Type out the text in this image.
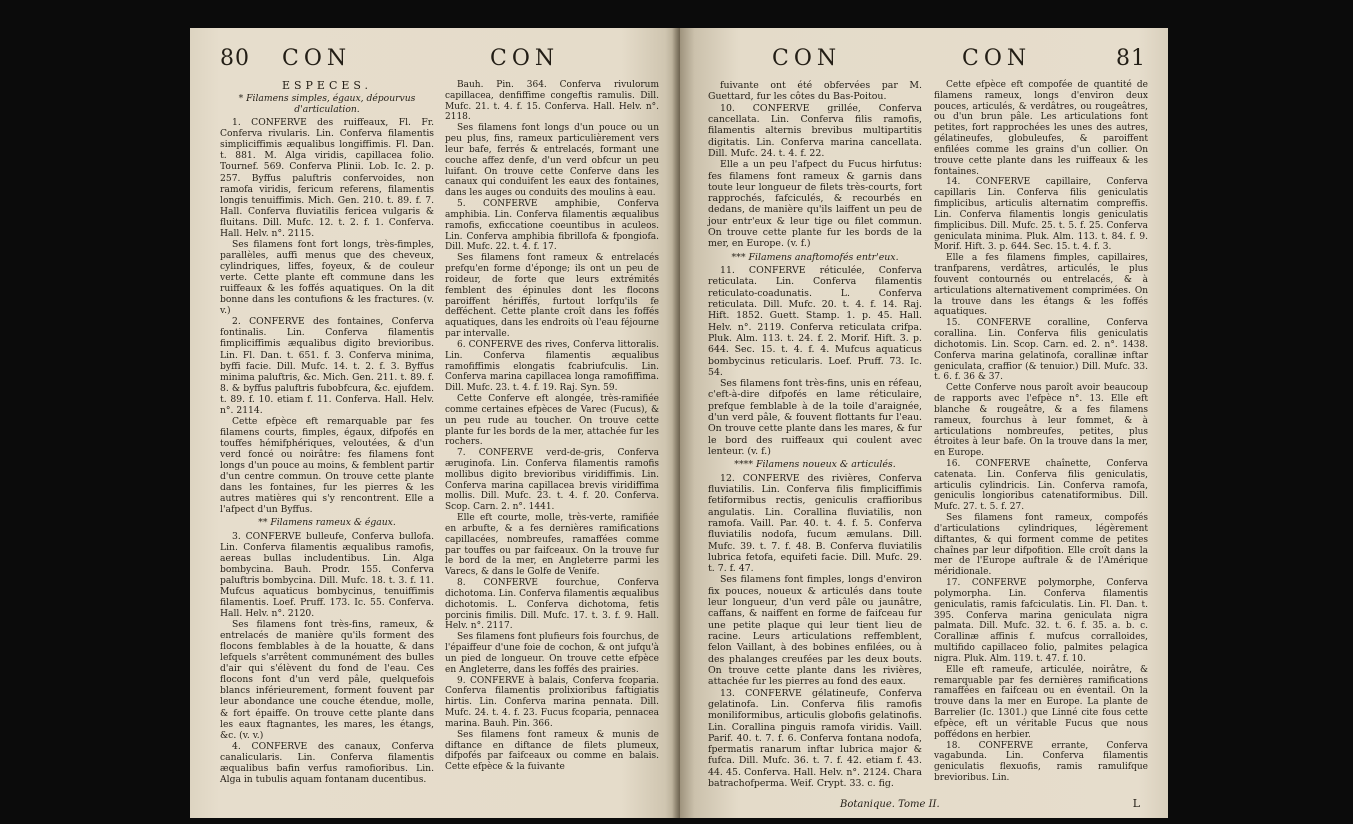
80 CON	CON
ESPECES.

* Filamens simples, égaux, dépourvus d'articulation.

1. CONFERVE des ruiffeaux, Fl. Fr. Conferva rivularis. Lin. Conferva filamentis simpliciffimis æqualibus longiffimis. Fl. Dan. t. 881. M. Alga viridis, capillacea folio. Tournef. 569. Conferva Plinii. Lob. Ic. 2. p. 257. Byffus paluftris confervoides, non ramofa viridis, fericum referens, filamentis longis tenuiffimis. Mich. Gen. 210. t. 89. f. 7. Hall. Conferva fluviatilis fericea vulgaris & fluitans. Dill. Mufc. 12. t. 2. f. 1. Conferva. Hall. Helv. n°. 2115.

Ses filamens font fort longs, très-fimples, parallèles, auffi menus que des cheveux, cylindriques, liffes, foyeux, & de couleur verte. Cette plante eft commune dans les ruiffeaux & les foffés aquatiques. On la dit bonne dans les contufions & les fractures. (v. v.)

2. CONFERVE des fontaines, Conferva fontinalis. Lin. Conferva filamentis fimpliciffimis æqualibus digito brevioribus. Lin. Fl. Dan. t. 651. f. 3. Conferva minima, byffi facie. Dill. Mufc. 14. t. 2. f. 3. Byffus minima paluftris, &c. Mich. Gen. 211. t. 89. f. 8. & byffus paluftris fubobfcura, &c. ejufdem. t. 89. f. 10. etiam f. 11. Conferva. Hall. Helv. n°. 2114.

Cette efpèce eft remarquable par fes filamens courts, fimples, égaux, difpofés en touffes hémifphériques, veloutées, & d'un verd foncé ou noirâtre: fes filamens font longs d'un pouce au moins, & femblent partir d'un centre commun. On trouve cette plante dans les fontaines, fur les pierres & les autres matières qui s'y rencontrent. Elle a l'afpect d'un Byffus.

** Filamens rameux & égaux.

3. CONFERVE bulleufe, Conferva bullofa. Lin. Conferva filamentis æqualibus ramofis, aereas bullas includentibus. Lin. Alga bombycina. Bauh. Prodr. 155. Conferva paluftris bombycina. Dill. Mufc. 18. t. 3. f. 11. Mufcus aquaticus bombycinus, tenuiffimis filamentis. Loef. Pruff. 173. Ic. 55. Conferva. Hall. Helv. n°. 2120.

Ses filamens font très-fins, rameux, & entrelacés de manière qu'ils forment des flocons femblables à de la houatte, & dans lefquels s'arrêtent communément des bulles d'air qui s'élèvent du fond de l'eau. Ces flocons font d'un verd pâle, quelquefois blancs inférieurement, forment fouvent par leur abondance une couche étendue, molle, & fort épaiffe. On trouve cette plante dans les eaux ftagnantes, les mares, les étangs, &c. (v. v.)

4. CONFERVE des canaux, Conferva canalicularis. Lin. Conferva filamentis æqualibus bafin verfus ramofioribus. Lin. Alga in tubulis aquam fontanam ducentibus.

Bauh. Pin. 364. Conferva rivulorum capillacea, denfiffime congeftis ramulis. Dill. Mufc. 21. t. 4. f. 15. Conferva. Hall. Helv. n°. 2118.

Ses filamens font longs d'un pouce ou un peu plus, fins, rameux particulièrement vers leur bafe, ferrés & entrelacés, formant une couche affez denfe, d'un verd obfcur un peu luifant. On trouve cette Conferve dans les canaux qui conduifent les eaux des fontaines, dans les auges ou conduits des moulins à eau.

5. CONFERVE amphibie, Conferva amphibia. Lin. Conferva filamentis æqualibus ramofis, exficcatione coeuntibus in aculeos. Lin. Conferva amphibia fibrillofa & fpongiofa. Dill. Mufc. 22. t. 4. f. 17.

Ses filamens font rameux & entrelacés prefqu'en forme d'éponge; ils ont un peu de roideur, de forte que leurs extrémités femblent des épinules dont les flocons paroiffent hériffés, furtout lorfqu'ils fe defféchent. Cette plante croît dans les foffés aquatiques, dans les endroits où l'eau féjourne par intervalle.

6. CONFERVE des rives, Conferva littoralis. Lin. Conferva filamentis æqualibus ramofiffimis elongatis fcabriufculis. Lin. Conferva marina capillacea longa ramofiffima. Dill. Mufc. 23. t. 4. f. 19. Raj. Syn. 59.

Cette Conferve eft alongée, très-ramifiée comme certaines efpèces de Varec (Fucus), & un peu rude au toucher. On trouve cette plante fur les bords de la mer, attachée fur les rochers.

7. CONFERVE verd-de-gris, Conferva æruginofa. Lin. Conferva filamentis ramofis mollibus digito brevioribus viridiffimis. Lin. Conferva marina capillacea brevis viridiffima mollis. Dill. Mufc. 23. t. 4. f. 20. Conferva. Scop. Carn. 2. n°. 1441.

Elle eft courte, molle, très-verte, ramifiée en arbufte, & a fes dernières ramifications capillacées, nombreufes, ramaffées comme par touffes ou par faifceaux. On la trouve fur le bord de la mer, en Angleterre parmi les Varecs, & dans le Golfe de Venife.

8. CONFERVE fourchue, Conferva dichotoma. Lin. Conferva filamentis æqualibus dichotomis. L. Conferva dichotoma, fetis porcinis fimilis. Dill. Mufc. 17. t. 3. f. 9. Hall. Helv. n°. 2117.

Ses filamens font plufieurs fois fourchus, de l'épaiffeur d'une foie de cochon, & ont jufqu'à un pied de longueur. On trouve cette efpèce en Angleterre, dans les foffés des prairies.

9. CONFERVE à balais, Conferva fcoparia. Conferva filamentis prolixioribus faftigiatis hirtis. Lin. Conferva marina pennata. Dill. Mufc. 24. t. 4. f. 23. Fucus fcoparia, pennacea marina. Bauh. Pin. 366.

Ses filamens font rameux & munis de diftance en diftance de filets plumeux, difpofés par faifceaux ou comme en balais. Cette efpèce & la fuivante

CON	CON	81

fuivante ont été obfervées par M. Guettard, fur les côtes du Bas-Poitou.

10. CONFERVE grillée, Conferva cancellata. Lin. Conferva filis ramofis, filamentis alternis brevibus multipartitis digitatis. Lin. Conferva marina cancellata. Dill. Mufc. 24. t. 4. f. 22.

Elle a un peu l'afpect du Fucus hirfutus: fes filamens font rameux & garnis dans toute leur longueur de filets très-courts, fort rapprochés, fafciculés, & recourbés en dedans, de manière qu'ils laiffent un peu de jour entr'eux & leur tige ou filet commun. On trouve cette plante fur les bords de la mer, en Europe. (v. f.)

*** Filamens anaftomofés entr'eux.

11. CONFERVE réticulée, Conferva reticulata. Lin. Conferva filamentis reticulato-coadunatis. L. Conferva reticulata. Dill. Mufc. 20. t. 4. f. 14. Raj. Hift. 1852. Guett. Stamp. 1. p. 45. Hall. Helv. n°. 2119. Conferva reticulata crifpa. Pluk. Alm. 113. t. 24. f. 2. Morif. Hift. 3. p. 644. Sec. 15. t. 4. f. 4. Mufcus aquaticus bombycinus reticularis. Loef. Pruff. 73. Ic. 54.

Ses filamens font très-fins, unis en réfeau, c'eft-à-dire difpofés en lame réticulaire, prefque femblable à de la toile d'araignée, d'un verd pâle, & fouvent flottants fur l'eau. On trouve cette plante dans les mares, & fur le bord des ruiffeaux qui coulent avec lenteur. (v. f.)

**** Filamens noueux & articulés.

12. CONFERVE des rivières, Conferva fluviatilis. Lin. Conferva filis fimpliciffimis fetiformibus rectis, geniculis craffioribus angulatis. Lin. Corallina fluviatilis, non ramofa. Vaill. Par. 40. t. 4. f. 5. Conferva fluviatilis nodofa, fucum æmulans. Dill. Mufc. 39. t. 7. f. 48. B. Conferva fluviatilis lubrica fetofa, equifeti facie. Dill. Mufc. 29. t. 7. f. 47.

Ses filamens font fimples, longs d'environ fix pouces, noueux & articulés dans toute leur longueur, d'un verd pâle ou jaunâtre, caffans, & naiffent en forme de faifceau fur une petite plaque qui leur tient lieu de racine. Leurs articulations reffemblent, felon Vaillant, à des bobines enfilées, ou à des phalanges creufées par les deux bouts. On trouve cette plante dans les rivières, attachée fur les pierres au fond des eaux.

13. CONFERVE gélatineufe, Conferva gelatinofa. Lin. Conferva filis ramofis moniliformibus, articulis globofis gelatinofis. Lin. Corallina pinguis ramofa viridis. Vaill. Parif. 40. t. 7. f. 6. Conferva fontana nodofa, fpermatis ranarum inftar lubrica major & fufca. Dill. Mufc. 36. t. 7. f. 42. etiam f. 43. 44. 45. Conferva. Hall. Helv. n°. 2124. Chara batrachofperma. Weif. Crypt. 33. c. fig.

Cette efpèce eft compofée de quantité de filamens rameux, longs d'environ deux pouces, articulés, & verdâtres, ou rougeâtres, ou d'un brun pâle. Les articulations font petites, fort rapprochées les unes des autres, gélatineufes, globuleufes, & paroiffent enfilées comme les grains d'un collier. On trouve cette plante dans les ruiffeaux & les fontaines.

14. CONFERVE capillaire, Conferva capillaris Lin. Conferva filis geniculatis fimplicibus, articulis alternatim compreffis. Lin. Conferva filamentis longis geniculatis fimplicibus. Dill. Mufc. 25. t. 5. f. 25. Conferva geniculata minima. Pluk. Alm. 113. t. 84. f. 9. Morif. Hift. 3. p. 644. Sec. 15. t. 4. f. 3.

Elle a fes filamens fimples, capillaires, tranfparens, verdâtres, articulés, le plus fouvent contournés ou entrelacés, & à articulations alternativement comprimées. On la trouve dans les étangs & les foffés aquatiques.

15. CONFERVE coralline, Conferva corallina. Lin. Conferva filis geniculatis dichotomis. Lin. Scop. Carn. ed. 2. n°. 1438. Conferva marina gelatinofa, corallinæ inftar geniculata, craffior (& tenuior.) Dill. Mufc. 33. t. 6. f. 36 & 37.

Cette Conferve nous paroît avoir beaucoup de rapports avec l'efpèce n°. 13. Elle eft blanche & rougeâtre, & a fes filamens rameux, fourchus à leur fommet, & à articulations nombreufes, petites, plus étroites à leur bafe. On la trouve dans la mer, en Europe.

16. CONFERVE chaînette, Conferva catenata. Lin. Conferva filis geniculatis, articulis cylindricis. Lin. Conferva ramofa, geniculis longioribus catenatiformibus. Dill. Mufc. 27. t. 5. f. 27.

Ses filamens font rameux, compofés d'articulations cylindriques, légèrement diftantes, & qui forment comme de petites chaînes par leur difpofition. Elle croît dans la mer de l'Europe auftrale & de l'Amérique méridionale.

17. CONFERVE polymorphe, Conferva polymorpha. Lin. Conferva filamentis geniculatis, ramis fafciculatis. Lin. Fl. Dan. t. 395. Conferva marina geniculata nigra palmata. Dill. Mufc. 32. t. 6. f. 35. a. b. c. Corallinæ affinis f. mufcus corralloides, multifido capillaceo folio, palmites pelagica nigra. Pluk. Alm. 119. t. 47. f. 10.

Elle eft rameufe, articulée, noirâtre, & remarquable par fes dernières ramifications ramaffées en faifceau ou en éventail. On la trouve dans la mer en Europe. La plante de Barrelier (Ic. 1301.) que Linné cite fous cette efpèce, eft un véritable Fucus que nous poffédons en herbier.

18. CONFERVE errante, Conferva vagabunda. Lin. Conferva filamentis geniculatis flexuofis, ramis ramulifque brevioribus. Lin.

Botanique. Tome II.	L
